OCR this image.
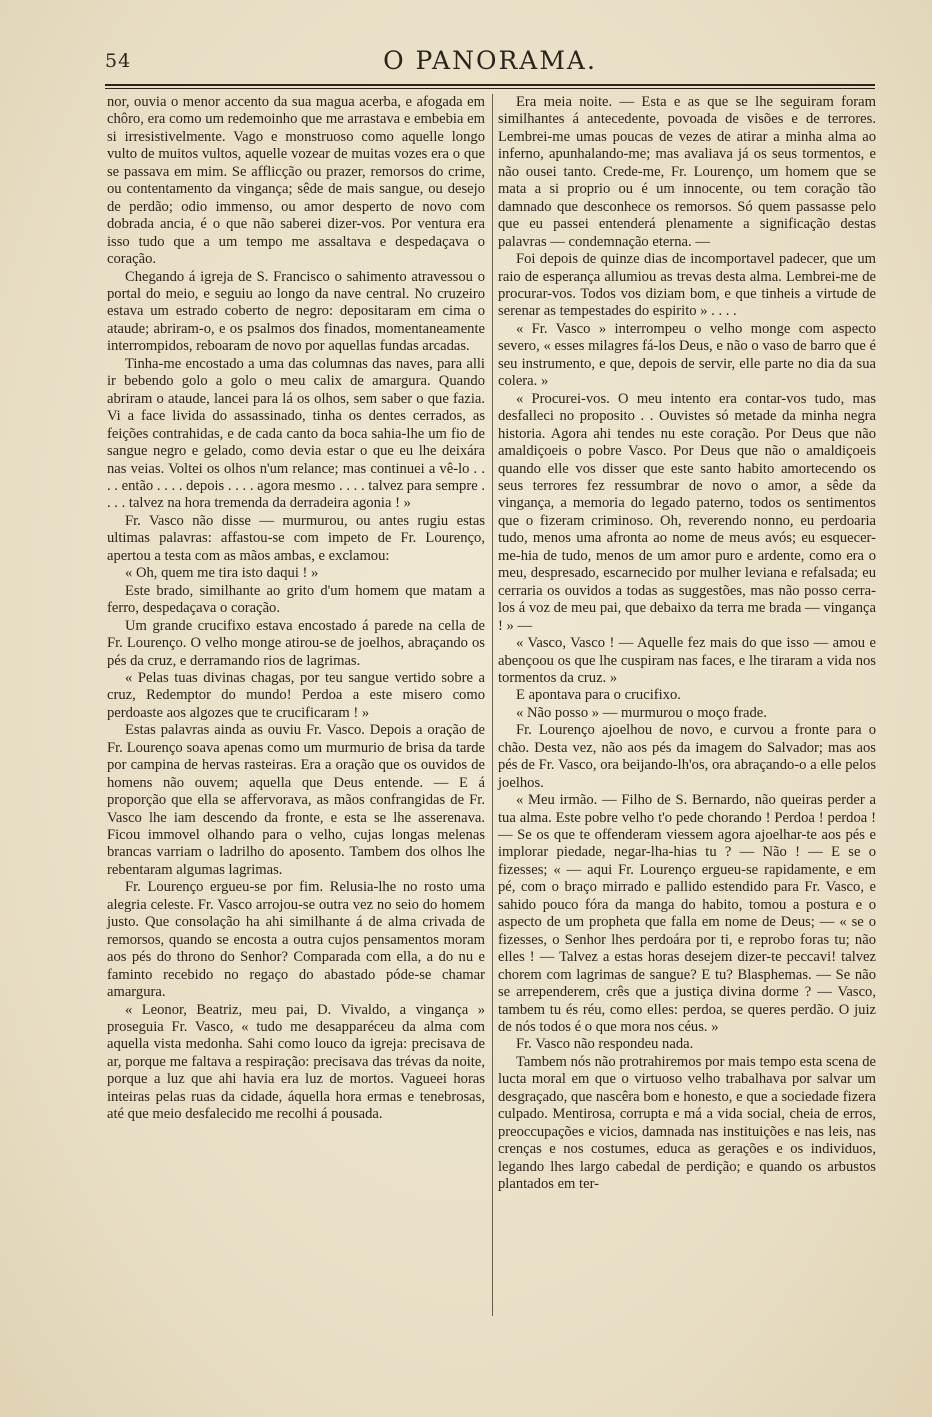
54	O PANORAMA.

nor, ouvia o menor accento da sua magua acerba, e afogada em chôro, era como um redemoinho que me arrastava e embebia em si irresistivelmente. Vago e monstruoso como aquelle longo vulto de muitos vultos, aquelle vozear de muitas vozes era o que se passava em mim. Se afflicção ou prazer, remorsos do crime, ou contentamento da vingança; sêde de mais sangue, ou desejo de perdão; odio immenso, ou amor desperto de novo com dobrada ancia, é o que não saberei dizer-vos. Por ventura era isso tudo que a um tempo me assaltava e despedaçava o coração.

Chegando á igreja de S. Francisco o sahimento atravessou o portal do meio, e seguiu ao longo da nave central. No cruzeiro estava um estrado coberto de negro: depositaram em cima o ataude; abriram-o, e os psalmos dos finados, momentaneamente interrompidos, reboaram de novo por aquellas fundas arcadas.

Tinha-me encostado a uma das columnas das naves, para alli ir bebendo golo a golo o meu calix de amargura. Quando abriram o ataude, lancei para lá os olhos, sem saber o que fazia. Vi a face livida do assassinado, tinha os dentes cerrados, as feições contrahidas, e de cada canto da boca sahia-lhe um fio de sangue negro e gelado, como devia estar o que eu lhe deixára nas veias. Voltei os olhos n'um relance; mas continuei a vê-lo . . . . então . . . . depois . . . . agora mesmo . . . . talvez para sempre . . . . talvez na hora tremenda da derradeira agonia ! »

Fr. Vasco não disse — murmurou, ou antes rugiu estas ultimas palavras: affastou-se com impeto de Fr. Lourenço, apertou a testa com as mãos ambas, e exclamou:

« Oh, quem me tira isto daqui ! »

Este brado, similhante ao grito d'um homem que matam a ferro, despedaçava o coração.

Um grande crucifixo estava encostado á parede na cella de Fr. Lourenço. O velho monge atirou-se de joelhos, abraçando os pés da cruz, e derramando rios de lagrimas.

« Pelas tuas divinas chagas, por teu sangue vertido sobre a cruz, Redemptor do mundo! Perdoa a este misero como perdoaste aos algozes que te crucificaram ! »

Estas palavras ainda as ouviu Fr. Vasco. Depois a oração de Fr. Lourenço soava apenas como um murmurio de brisa da tarde por campina de hervas rasteiras. Era a oração que os ouvidos de homens não ouvem; aquella que Deus entende. — E á proporção que ella se affervorava, as mãos confrangidas de Fr. Vasco lhe iam descendo da fronte, e esta se lhe asserenava. Ficou immovel olhando para o velho, cujas longas melenas brancas varriam o ladrilho do aposento. Tambem dos olhos lhe rebentaram algumas lagrimas.

Fr. Lourenço ergueu-se por fim. Relusia-lhe no rosto uma alegria celeste. Fr. Vasco arrojou-se outra vez no seio do homem justo. Que consolação ha ahi similhante á de alma crivada de remorsos, quando se encosta a outra cujos pensamentos moram aos pés do throno do Senhor? Comparada com ella, a do nu e faminto recebido no regaço do abastado póde-se chamar amargura.

« Leonor, Beatriz, meu pai, D. Vivaldo, a vingança » proseguia Fr. Vasco, « tudo me desapparéceu da alma com aquella vista medonha. Sahi como louco da igreja: precisava de ar, porque me faltava a respiração: precisava das trévas da noite, porque a luz que ahi havia era luz de mortos. Vagueei horas inteiras pelas ruas da cidade, áquella hora ermas e tenebrosas, até que meio desfalecido me recolhi á pousada.

Era meia noite. — Esta e as que se lhe seguiram foram similhantes á antecedente, povoada de visões e de terrores. Lembrei-me umas poucas de vezes de atirar a minha alma ao inferno, apunhalando-me; mas avaliava já os seus tormentos, e não ousei tanto. Crede-me, Fr. Lourenço, um homem que se mata a si proprio ou é um innocente, ou tem coração tão damnado que desconhece os remorsos. Só quem passasse pelo que eu passei entenderá plenamente a significação destas palavras — condemnação eterna. —

Foi depois de quinze dias de incomportavel padecer, que um raio de esperança allumiou as trevas desta alma. Lembrei-me de procurar-vos. Todos vos diziam bom, e que tinheis a virtude de serenar as tempestades do espirito » . . . .

« Fr. Vasco » interrompeu o velho monge com aspecto severo, « esses milagres fá-los Deus, e não o vaso de barro que é seu instrumento, e que, depois de servir, elle parte no dia da sua colera. »

« Procurei-vos. O meu intento era contar-vos tudo, mas desfalleci no proposito . . Ouvistes só metade da minha negra historia. Agora ahi tendes nu este coração. Por Deus que não amaldiçoeis o pobre Vasco. Por Deus que não o amaldiçoeis quando elle vos disser que este santo habito amortecendo os seus terrores fez ressumbrar de novo o amor, a sêde da vingança, a memoria do legado paterno, todos os sentimentos que o fizeram criminoso. Oh, reverendo nonno, eu perdoaria tudo, menos uma afronta ao nome de meus avós; eu esquecer-me-hia de tudo, menos de um amor puro e ardente, como era o meu, despresado, escarnecido por mulher leviana e refalsada; eu cerraria os ouvidos a todas as suggestões, mas não posso cerra-los á voz de meu pai, que debaixo da terra me brada — vingança ! » —

« Vasco, Vasco ! — Aquelle fez mais do que isso — amou e abençoou os que lhe cuspiram nas faces, e lhe tiraram a vida nos tormentos da cruz. »

E apontava para o crucifixo.

« Não posso » — murmurou o moço frade.

Fr. Lourenço ajoelhou de novo, e curvou a fronte para o chão. Desta vez, não aos pés da imagem do Salvador; mas aos pés de Fr. Vasco, ora beijando-lh'os, ora abraçando-o a elle pelos joelhos.

« Meu irmão. — Filho de S. Bernardo, não queiras perder a tua alma. Este pobre velho t'o pede chorando ! Perdoa ! perdoa ! — Se os que te offenderam viessem agora ajoelhar-te aos pés e implorar piedade, negar-lha-hias tu ? — Não ! — E se o fizesses; « — aqui Fr. Lourenço ergueu-se rapidamente, e em pé, com o braço mirrado e pallido estendido para Fr. Vasco, e sahido pouco fóra da manga do habito, tomou a postura e o aspecto de um propheta que falla em nome de Deus; — « se o fizesses, o Senhor lhes perdoára por ti, e reprobo foras tu; não elles ! — Talvez a estas horas desejem dizer-te peccavi! talvez chorem com lagrimas de sangue? E tu? Blasphemas. — Se não se arrependerem, crês que a justiça divina dorme ? — Vasco, tambem tu és réu, como elles: perdoa, se queres perdão. O juiz de nós todos é o que mora nos céus. »

Fr. Vasco não respondeu nada.

Tambem nós não protrahiremos por mais tempo esta scena de lucta moral em que o virtuoso velho trabalhava por salvar um desgraçado, que nascêra bom e honesto, e que a sociedade fizera culpado. Mentirosa, corrupta e má a vida social, cheia de erros, preoccupações e vicios, damnada nas instituições e nas leis, nas crenças e nos costumes, educa as gerações e os individuos, legando lhes largo cabedal de perdição; e quando os arbustos plantados em ter-
